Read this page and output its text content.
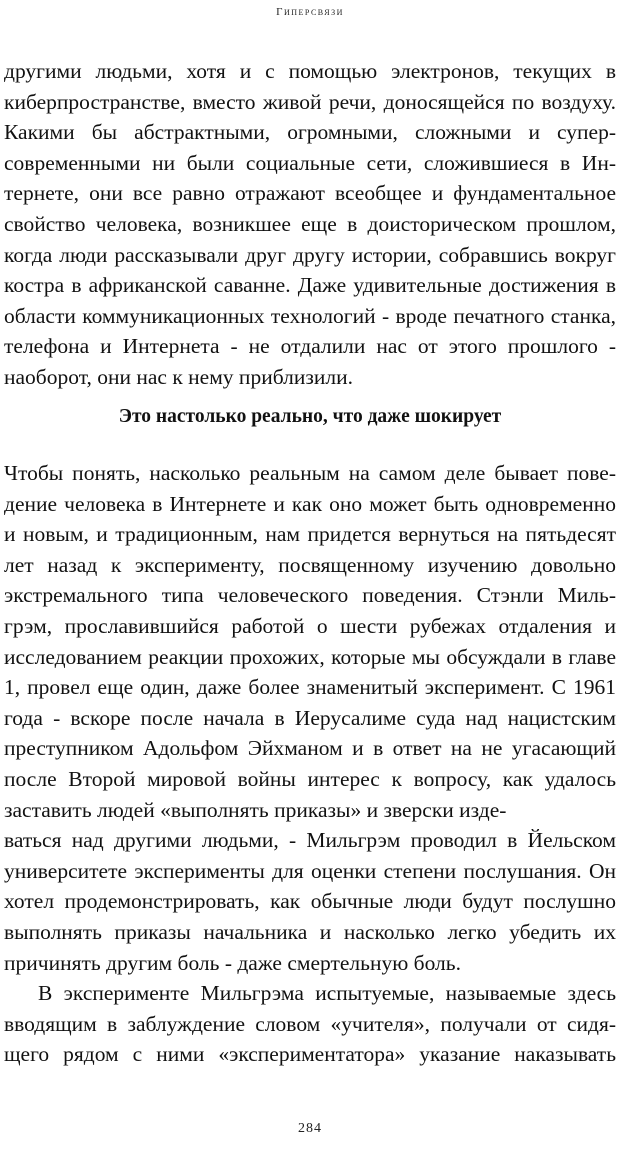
Гиперсвязи
другими людьми, хотя и с помощью электронов, текущих в
киберпространстве, вместо живой речи, доносящейся по воздуху.
Какими бы абстрактными, огромными, сложными и супер-
современными ни были социальные сети, сложившиеся в Ин-
тернете, они все равно отражают всеобщее и фундаментальное
свойство человека, возникшее еще в доисторическом прошлом,
когда люди рассказывали друг другу истории, собравшись вокруг
костра в африканской саванне. Даже удивительные достижения в
области коммуникационных технологий - вроде печатного станка,
телефона и Интернета - не отдалили нас от этого прошлого -
наоборот, они нас к нему приблизили.
Это настолько реально, что даже шокирует
Чтобы понять, насколько реальным на самом деле бывает пове-
дение человека в Интернете и как оно может быть одновременно
и новым, и традиционным, нам придется вернуться на пятьдесят
лет назад к эксперименту, посвященному изучению довольно
экстремального типа человеческого поведения. Стэнли Миль-
грэм, прославившийся работой о шести рубежах отдаления и
исследованием реакции прохожих, которые мы обсуждали в главе
1, провел еще один, даже более знаменитый эксперимент. С 1961
года - вскоре после начала в Иерусалиме суда над нацистским
преступником Адольфом Эйхманом и в ответ на не угасающий
после Второй мировой войны интерес к вопросу, как удалось
заставить людей «выполнять приказы» и зверски изде-
ваться над другими людьми, - Мильгрэм проводил в Йельском
университете эксперименты для оценки степени послушания. Он
хотел продемонстрировать, как обычные люди будут послушно
выполнять приказы начальника и насколько легко убедить их
причинять другим боль - даже смертельную боль.
В эксперименте Мильгрэма испытуемые, называемые здесь
вводящим в заблуждение словом «учителя», получали от сидя-
щего рядом с ними «экспериментатора» указание наказывать
284
